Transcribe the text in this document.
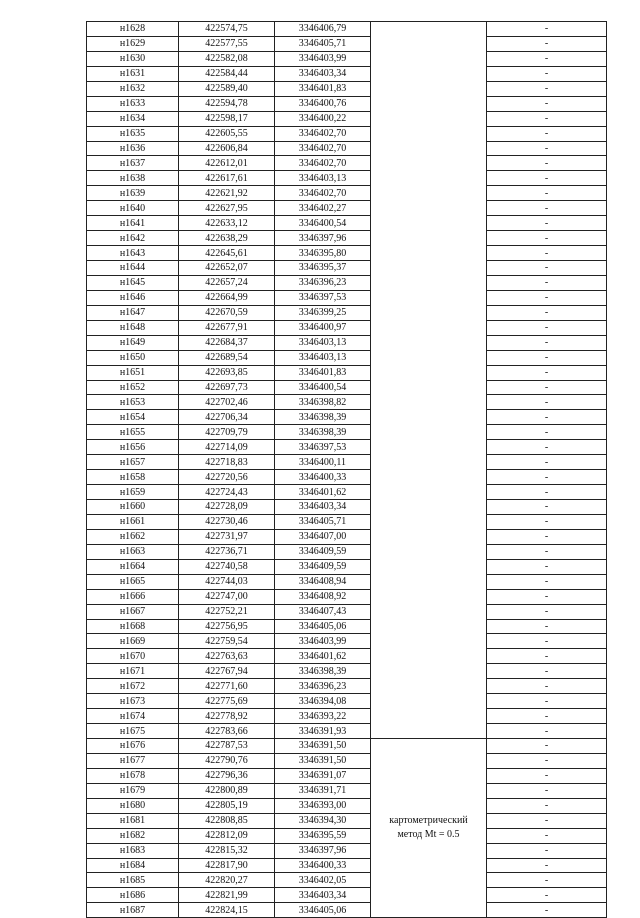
н1628	422574,75	3346406,79		-
н1629	422577,55	3346405,71		-
н1630	422582,08	3346403,99		-
н1631	422584,44	3346403,34		-
н1632	422589,40	3346401,83		-
н1633	422594,78	3346400,76		-
н1634	422598,17	3346400,22		-
н1635	422605,55	3346402,70		-
н1636	422606,84	3346402,70		-
н1637	422612,01	3346402,70		-
н1638	422617,61	3346403,13		-
н1639	422621,92	3346402,70		-
н1640	422627,95	3346402,27		-
н1641	422633,12	3346400,54		-
н1642	422638,29	3346397,96		-
н1643	422645,61	3346395,80		-
н1644	422652,07	3346395,37		-
н1645	422657,24	3346396,23		-
н1646	422664,99	3346397,53		-
н1647	422670,59	3346399,25		-
н1648	422677,91	3346400,97		-
н1649	422684,37	3346403,13		-
н1650	422689,54	3346403,13		-
н1651	422693,85	3346401,83		-
н1652	422697,73	3346400,54		-
н1653	422702,46	3346398,82		-
н1654	422706,34	3346398,39		-
н1655	422709,79	3346398,39		-
н1656	422714,09	3346397,53		-
н1657	422718,83	3346400,11		-
н1658	422720,56	3346400,33		-
н1659	422724,43	3346401,62		-
н1660	422728,09	3346403,34		-
н1661	422730,46	3346405,71		-
н1662	422731,97	3346407,00		-
н1663	422736,71	3346409,59		-
н1664	422740,58	3346409,59		-
н1665	422744,03	3346408,94		-
н1666	422747,00	3346408,92		-
н1667	422752,21	3346407,43		-
н1668	422756,95	3346405,06		-
н1669	422759,54	3346403,99		-
н1670	422763,63	3346401,62		-
н1671	422767,94	3346398,39		-
н1672	422771,60	3346396,23		-
н1673	422775,69	3346394,08		-
н1674	422778,92	3346393,22		-
н1675	422783,66	3346391,93		-
н1676	422787,53	3346391,50	картометрический
метод Mt = 0.5	-
н1677	422790,76	3346391,50		-
н1678	422796,36	3346391,07		-
н1679	422800,89	3346391,71		-
н1680	422805,19	3346393,00		-
н1681	422808,85	3346394,30		-
н1682	422812,09	3346395,59		-
н1683	422815,32	3346397,96		-
н1684	422817,90	3346400,33		-
н1685	422820,27	3346402,05		-
н1686	422821,99	3346403,34		-
н1687	422824,15	3346405,06		-
